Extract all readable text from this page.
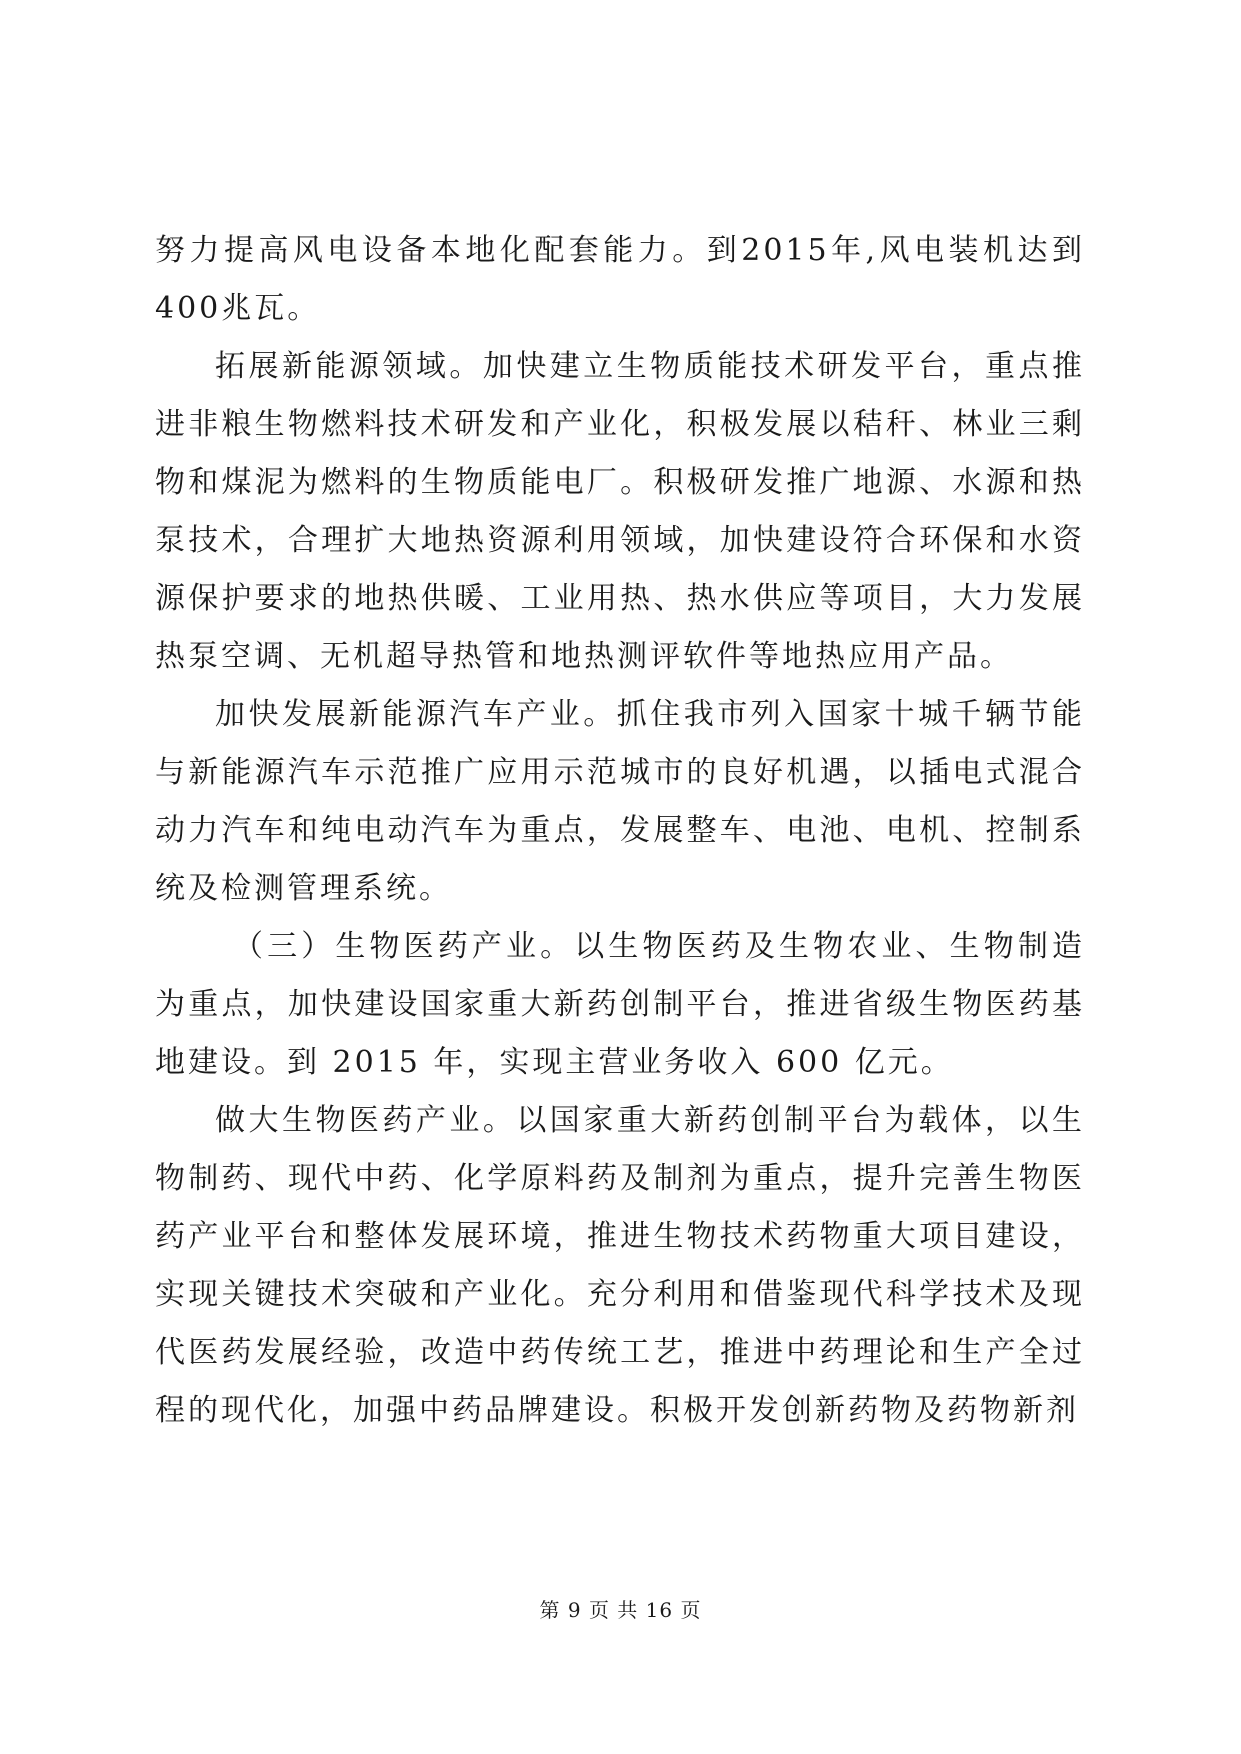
努力提高风电设备本地化配套能力。到2015年,风电装机达到400兆瓦。

拓展新能源领域。加快建立生物质能技术研发平台，重点推进非粮生物燃料技术研发和产业化，积极发展以秸秆、林业三剩物和煤泥为燃料的生物质能电厂。积极研发推广地源、水源和热泵技术，合理扩大地热资源利用领域，加快建设符合环保和水资源保护要求的地热供暖、工业用热、热水供应等项目，大力发展热泵空调、无机超导热管和地热测评软件等地热应用产品。

加快发展新能源汽车产业。抓住我市列入国家十城千辆节能与新能源汽车示范推广应用示范城市的良好机遇，以插电式混合动力汽车和纯电动汽车为重点，发展整车、电池、电机、控制系统及检测管理系统。

（三）生物医药产业。以生物医药及生物农业、生物制造为重点，加快建设国家重大新药创制平台，推进省级生物医药基地建设。到 2015 年，实现主营业务收入 600 亿元。

做大生物医药产业。以国家重大新药创制平台为载体，以生物制药、现代中药、化学原料药及制剂为重点，提升完善生物医药产业平台和整体发展环境，推进生物技术药物重大项目建设，实现关键技术突破和产业化。充分利用和借鉴现代科学技术及现代医药发展经验，改造中药传统工艺，推进中药理论和生产全过程的现代化，加强中药品牌建设。积极开发创新药物及药物新剂

第 9 页 共 16 页
